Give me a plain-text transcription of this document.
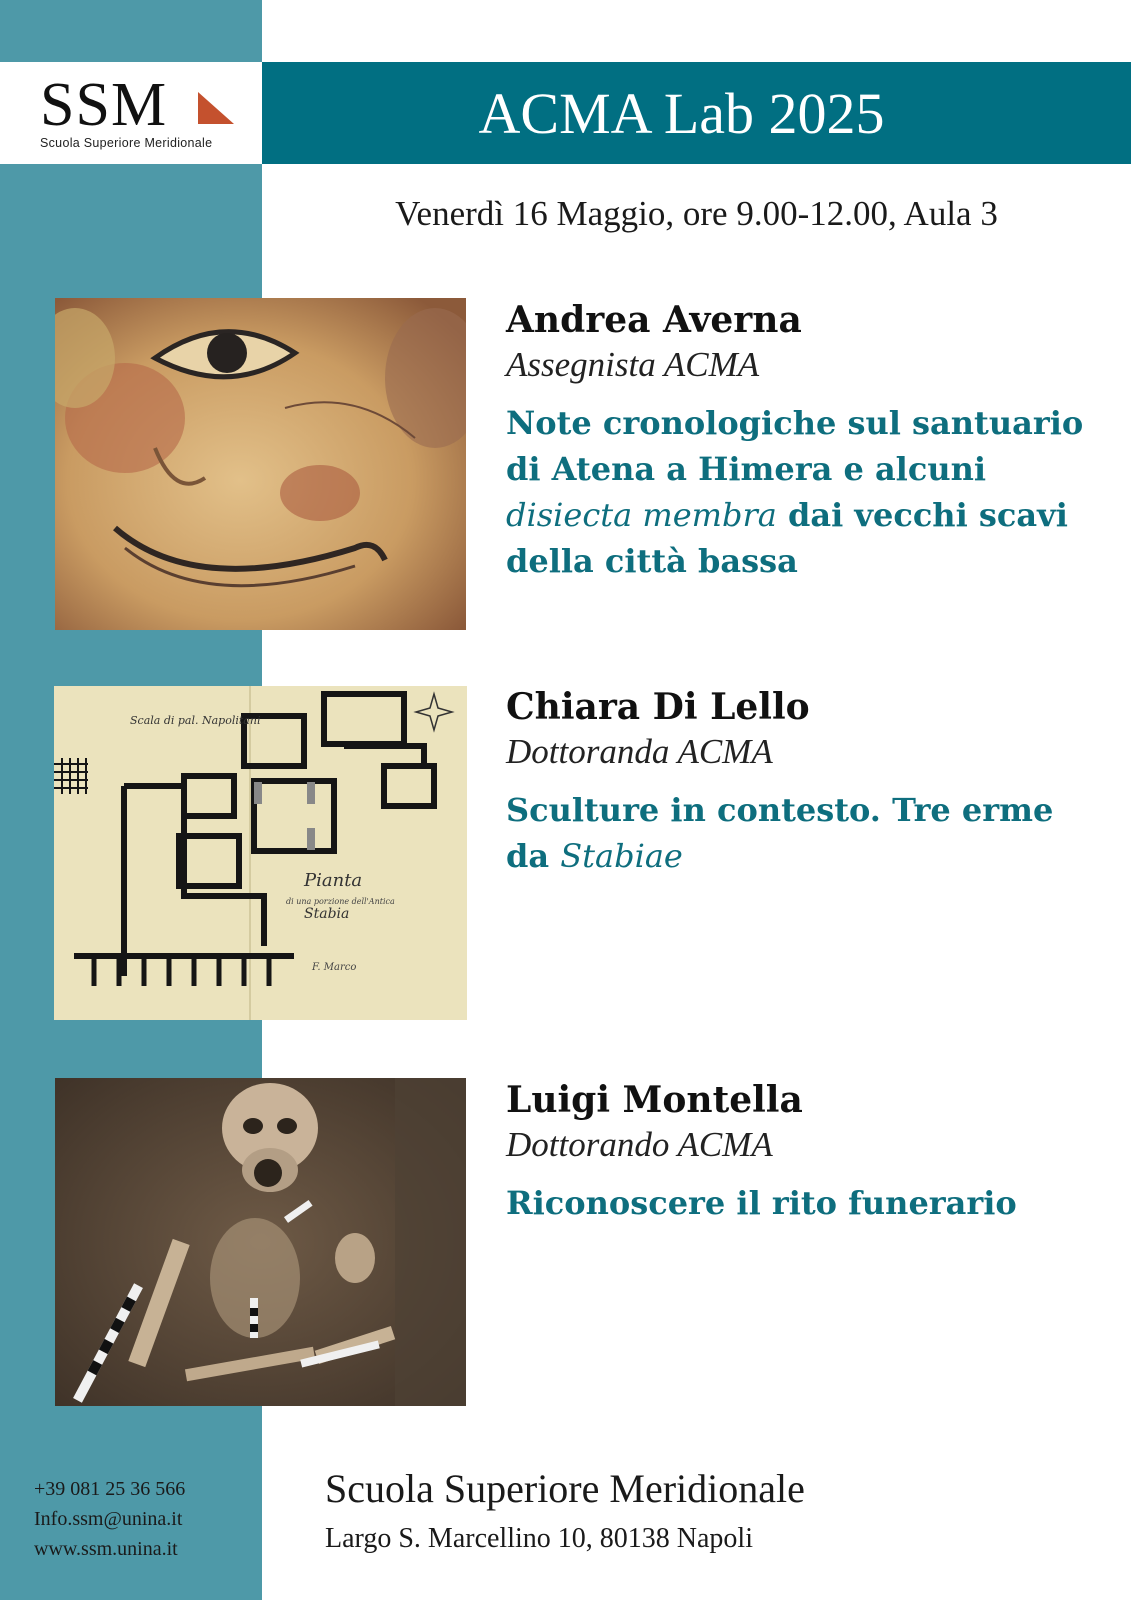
SSM
Scuola Superiore Meridionale	ACMA Lab 2025
Venerdì 16 Maggio, ore 9.00-12.00, Aula 3
Andrea Averna
Assegnista ACMA
Note cronologiche sul santuario di Atena a Himera e alcuni disiecta membra dai vecchi scavi della città bassa
Scala di pal. Napolitani
Pianta
di una porzione dell'Antica
Stabia
F. Marco
Chiara Di Lello
Dottoranda ACMA
Sculture in contesto. Tre erme da Stabiae
Luigi Montella
Dottorando ACMA
Riconoscere il rito funerario
+39 081 25 36 566
Info.ssm@unina.it
www.ssm.unina.it
Scuola Superiore Meridionale
Largo S. Marcellino 10, 80138 Napoli
